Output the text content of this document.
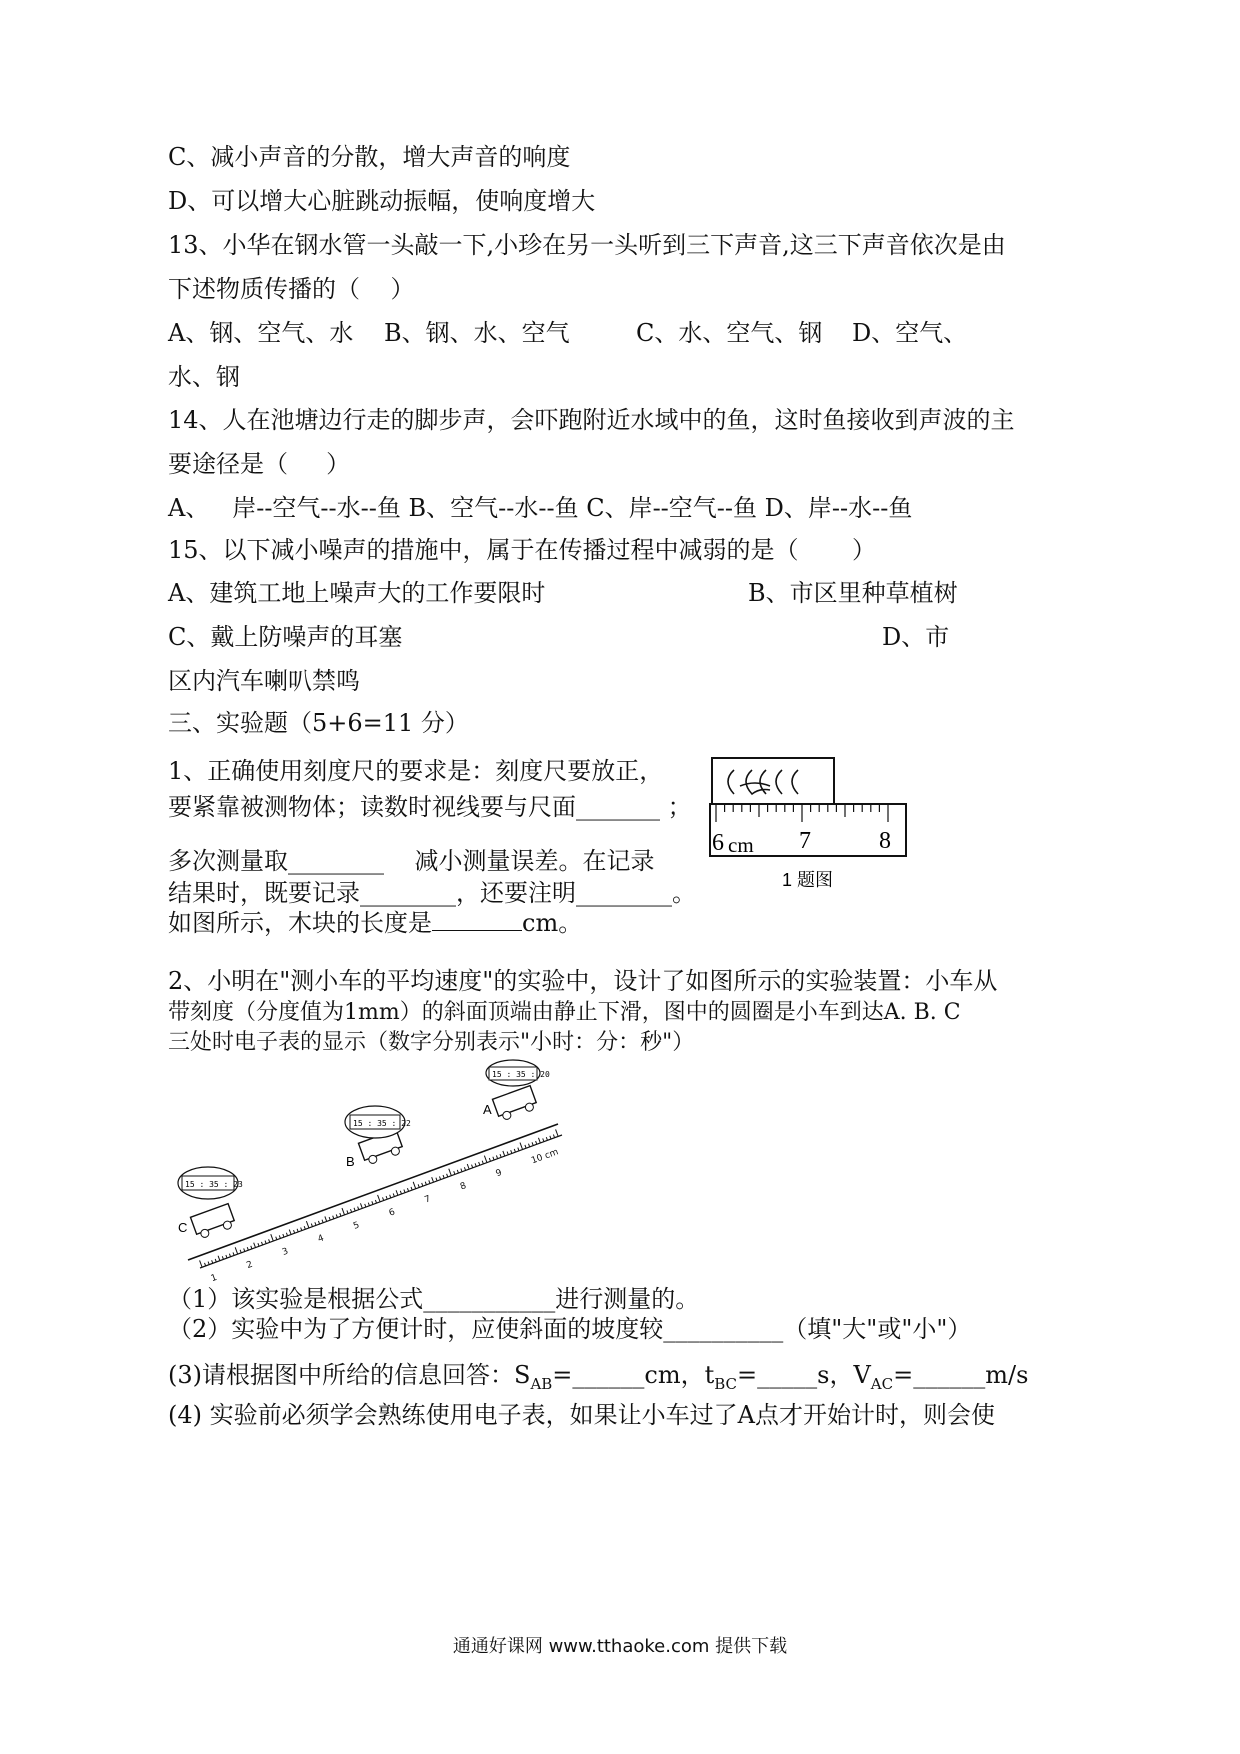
C、减小声音的分散，增大声音的响度

D、可以增大心脏跳动振幅，使响度增大

13、小华在钢水管一头敲一下,小珍在另一头听到三下声音,这三下声音依次是由

下述物质传播的（    ）

A、钢、空气、水 B、钢、水、空气	C、水、空气、钢 D、空气、

水、钢

14、人在池塘边行走的脚步声，会吓跑附近水域中的鱼，这时鱼接收到声波的主

要途径是（     ）

A、   岸--空气--水--鱼 B、空气--水--鱼 C、岸--空气--鱼 D、岸--水--鱼

15、以下减小噪声的措施中，属于在传播过程中减弱的是（       ）

A、建筑工地上噪声大的工作要限时	B、市区里种草植树

C、戴上防噪声的耳塞	D、市

区内汽车喇叭禁鸣

三、实验题（5+6=11 分）

1、正确使用刻度尺的要求是：刻度尺要放正，

要紧靠被测物体；读数时视线要与尺面_______ ；

多次测量取________    减小测量误差。在记录

结果时，既要记录________，还要注明________。

如图所示，木块的长度是	cm。

6 cm 7	8
1 题图

2、小明在"测小车的平均速度"的实验中，设计了如图所示的实验装置：小车从

带刻度（分度值为1mm）的斜面顶端由静止下滑，图中的圆圈是小车到达A. B. C

三处时电子表的显示（数字分别表示"小时：分：秒"）

1
2
3
4
5
6
7
8
9
10 cm
A
15 : 35 : 20
B
15 : 35 : 22
C
15 : 35 : 23

（1）该实验是根据公式___________进行测量的。

（2）实验中为了方便计时，应使斜面的坡度较__________（填"大"或"小"）

(3)请根据图中所给的信息回答：$S_{AB}=\_\_\_\_\_\_cm$，$t_{BC}=\_\_\_\_\_s$，$V_{AC}=\_\_\_\_\_\_m/s$

(4) 实验前必须学会熟练使用电子表，如果让小车过了A点才开始计时，则会使

通通好课网 www.tthaoke.com 提供下载
